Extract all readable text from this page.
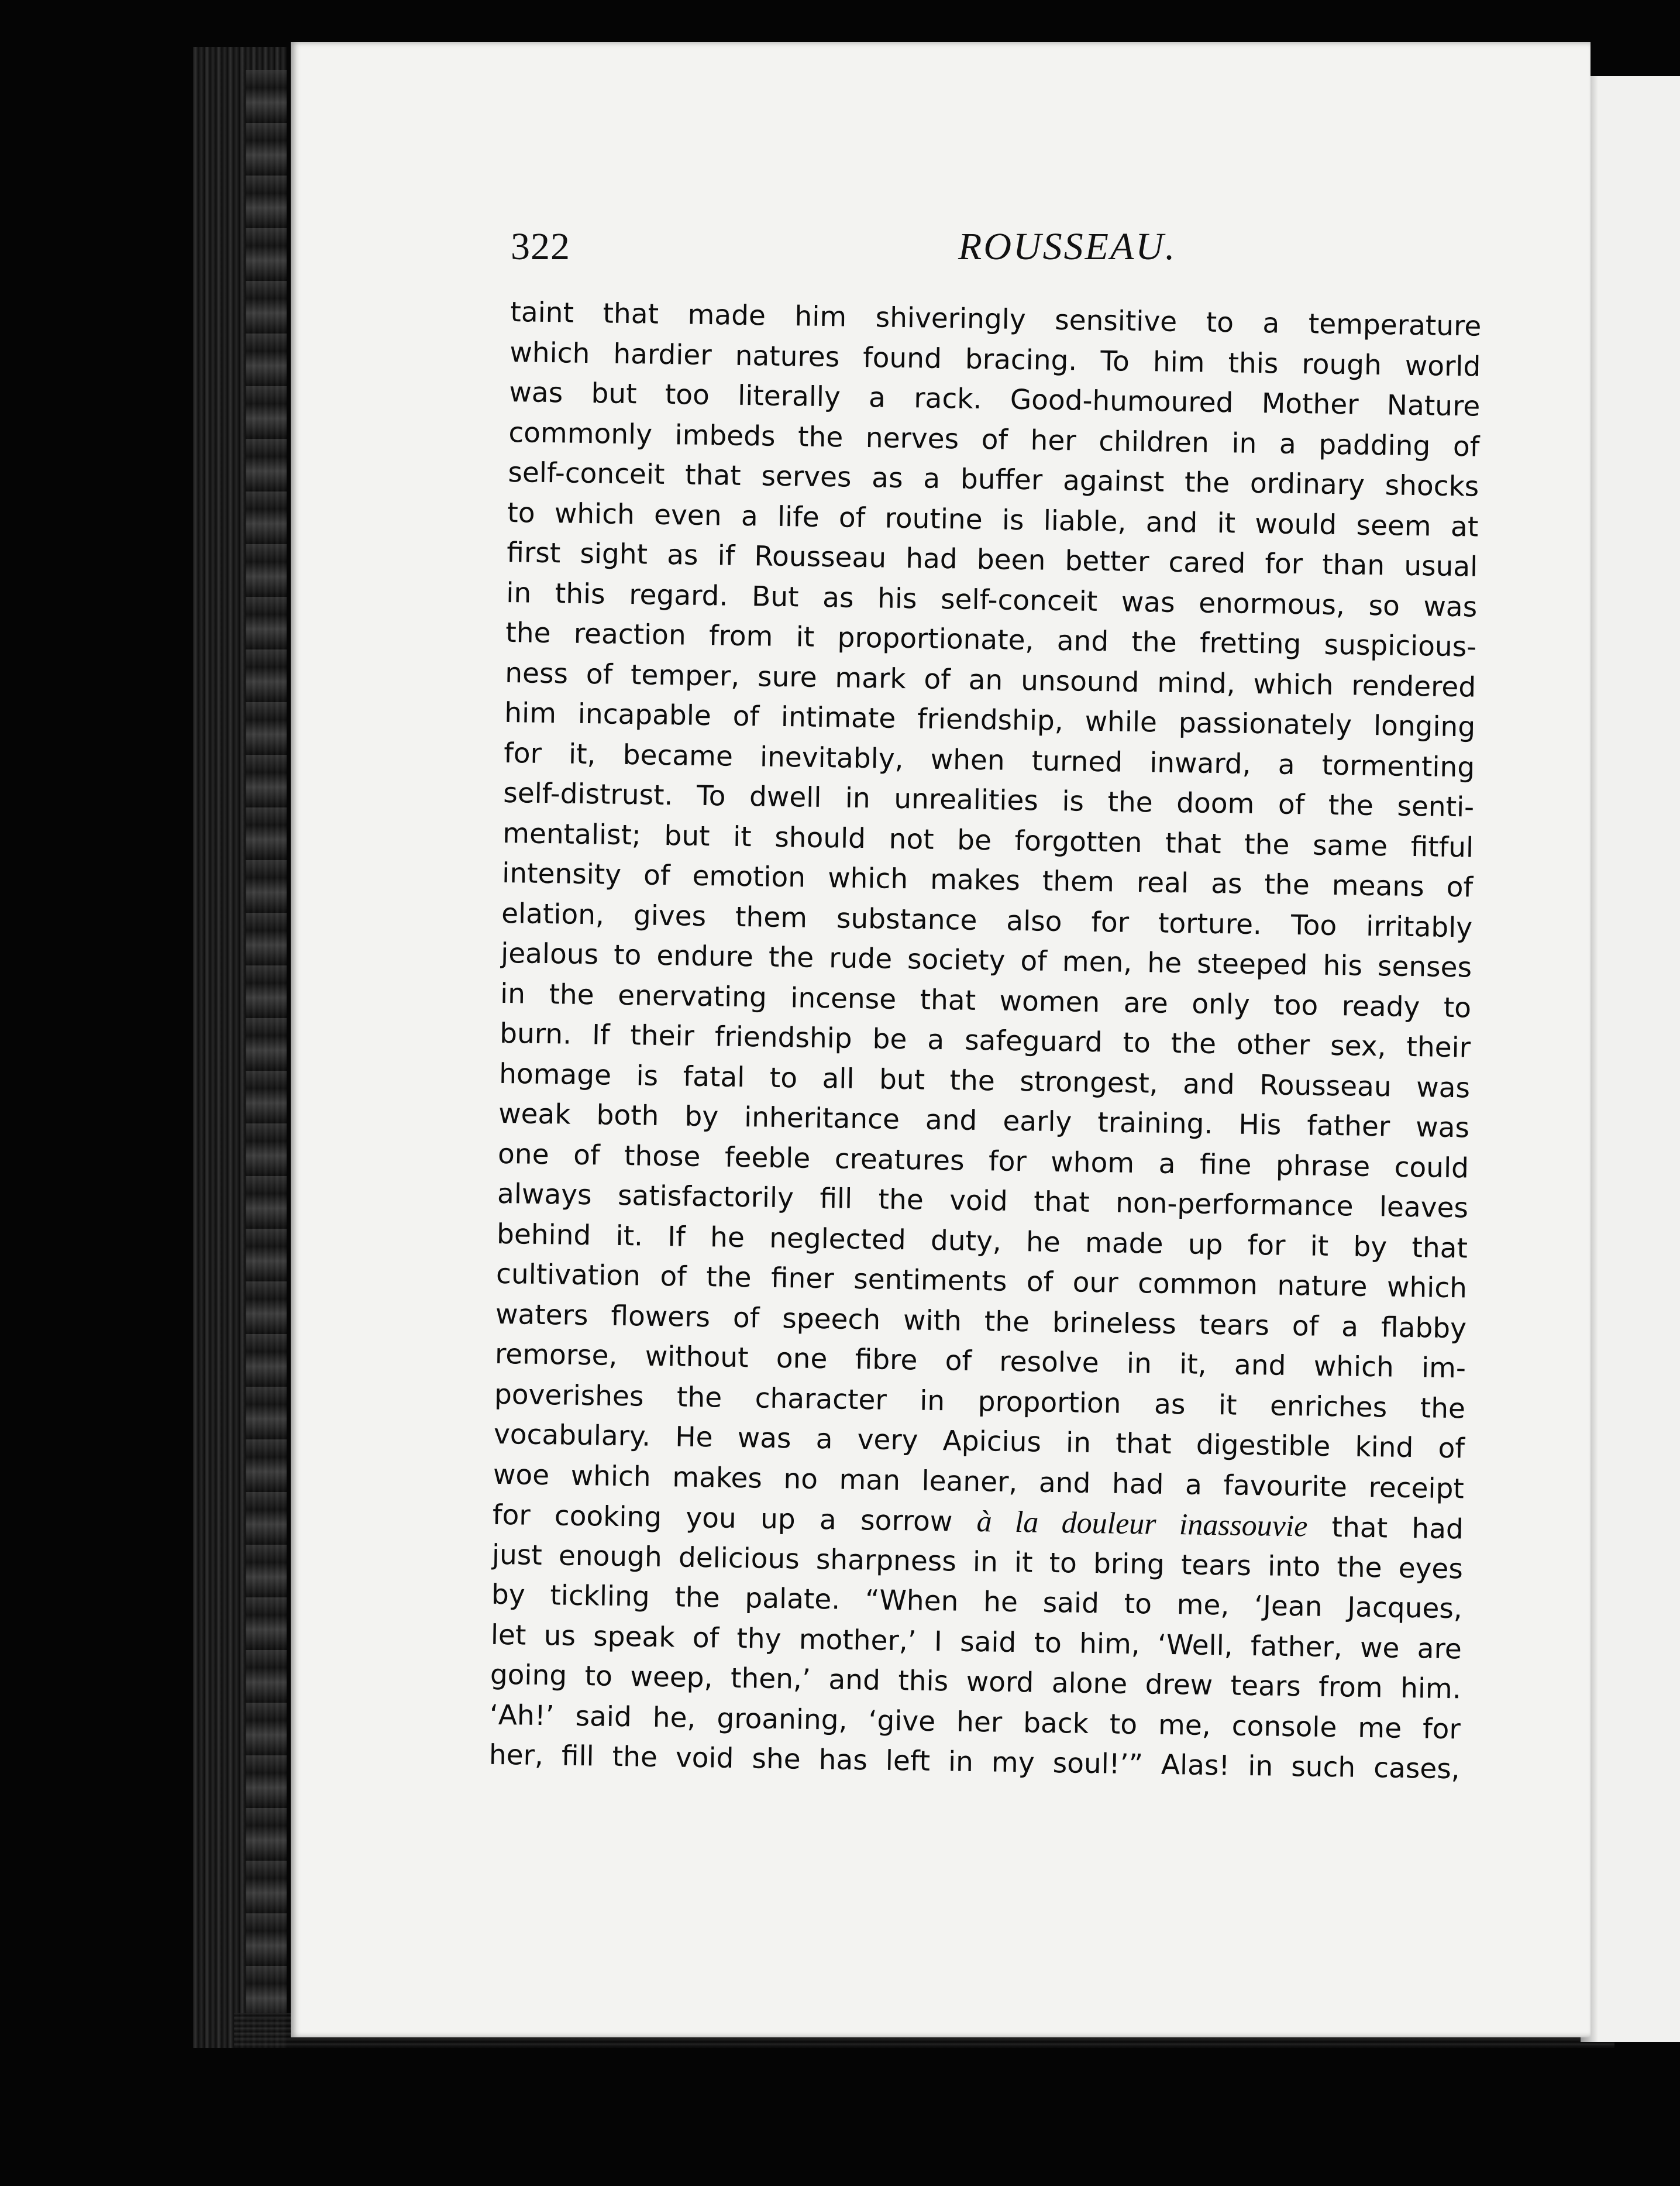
322	ROUSSEAU.
taint that made him shiveringly sensitive to a temperature
which hardier natures found bracing. To him this rough world
was but too literally a rack. Good-humoured Mother Nature
commonly imbeds the nerves of her children in a padding of
self-conceit that serves as a buffer against the ordinary shocks
to which even a life of routine is liable, and it would seem at
first sight as if Rousseau had been better cared for than usual
in this regard. But as his self-conceit was enormous, so was
the reaction from it proportionate, and the fretting suspicious-
ness of temper, sure mark of an unsound mind, which rendered
him incapable of intimate friendship, while passionately longing
for it, became inevitably, when turned inward, a tormenting
self-distrust. To dwell in unrealities is the doom of the senti-
mentalist; but it should not be forgotten that the same fitful
intensity of emotion which makes them real as the means of
elation, gives them substance also for torture. Too irritably
jealous to endure the rude society of men, he steeped his senses
in the enervating incense that women are only too ready to
burn. If their friendship be a safeguard to the other sex, their
homage is fatal to all but the strongest, and Rousseau was
weak both by inheritance and early training. His father was
one of those feeble creatures for whom a fine phrase could
always satisfactorily fill the void that non-performance leaves
behind it. If he neglected duty, he made up for it by that
cultivation of the finer sentiments of our common nature which
waters flowers of speech with the brineless tears of a flabby
remorse, without one fibre of resolve in it, and which im-
poverishes the character in proportion as it enriches the
vocabulary. He was a very Apicius in that digestible kind of
woe which makes no man leaner, and had a favourite receipt
for cooking you up a sorrow à la douleur inassouvie that had
just enough delicious sharpness in it to bring tears into the eyes
by tickling the palate. “When he said to me, ‘Jean Jacques,
let us speak of thy mother,’ I said to him, ‘Well, father, we are
going to weep, then,’ and this word alone drew tears from him.
‘Ah!’ said he, groaning, ‘give her back to me, console me for
her, fill the void she has left in my soul!’” Alas! in such cases,
